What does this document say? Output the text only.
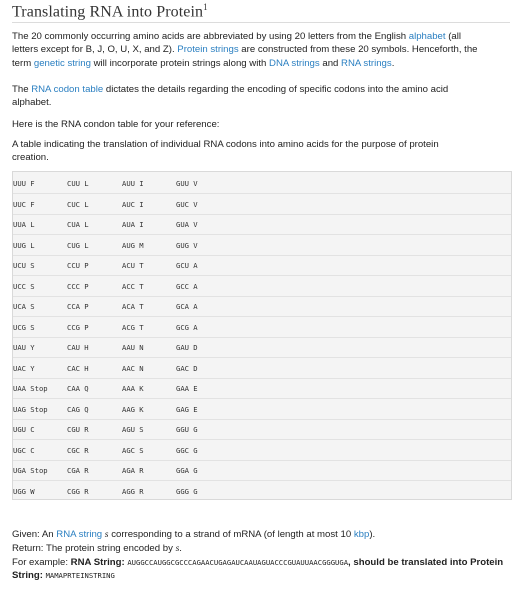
Translating RNA into Protein$^1$

The 20 commonly occurring amino acids are abbreviated by using 20 letters from the English alphabet (all letters except for B, J, O, U, X, and Z). Protein strings are constructed from these 20 symbols. Henceforth, the term genetic string will incorporate protein strings along with DNA strings and RNA strings.

The RNA codon table dictates the details regarding the encoding of specific codons into the amino acid alphabet.

Here is the RNA condon table for your reference:

A table indicating the translation of individual RNA codons into amino acids for the purpose of protein creation.

UUU F	CUU L	AUU I	GUU V
UUC F	CUC L	AUC I	GUC V
UUA L	CUA L	AUA I	GUA V
UUG L	CUG L	AUG M	GUG V
UCU S	CCU P	ACU T	GCU A
UCC S	CCC P	ACC T	GCC A
UCA S	CCA P	ACA T	GCA A
UCG S	CCG P	ACG T	GCG A
UAU Y	CAU H	AAU N	GAU D
UAC Y	CAC H	AAC N	GAC D
UAA Stop	CAA Q	AAA K	GAA E
UAG Stop	CAG Q	AAG K	GAG E
UGU C	CGU R	AGU S	GGU G
UGC C	CGC R	AGC S	GGC G
UGA Stop	CGA R	AGA R	GGA G
UGG W	CGG R	AGG R	GGG G

Given: An RNA string s corresponding to a strand of mRNA (of length at most 10 kbp).

Return: The protein string encoded by s.

For example: RNA String: AUGGCCAUGGCGCCCAGAACUGAGAUCAAUAGUACCCGUAUUAACGGGUGA, should be translated into Protein String: MAMAPRTEINSTRING
